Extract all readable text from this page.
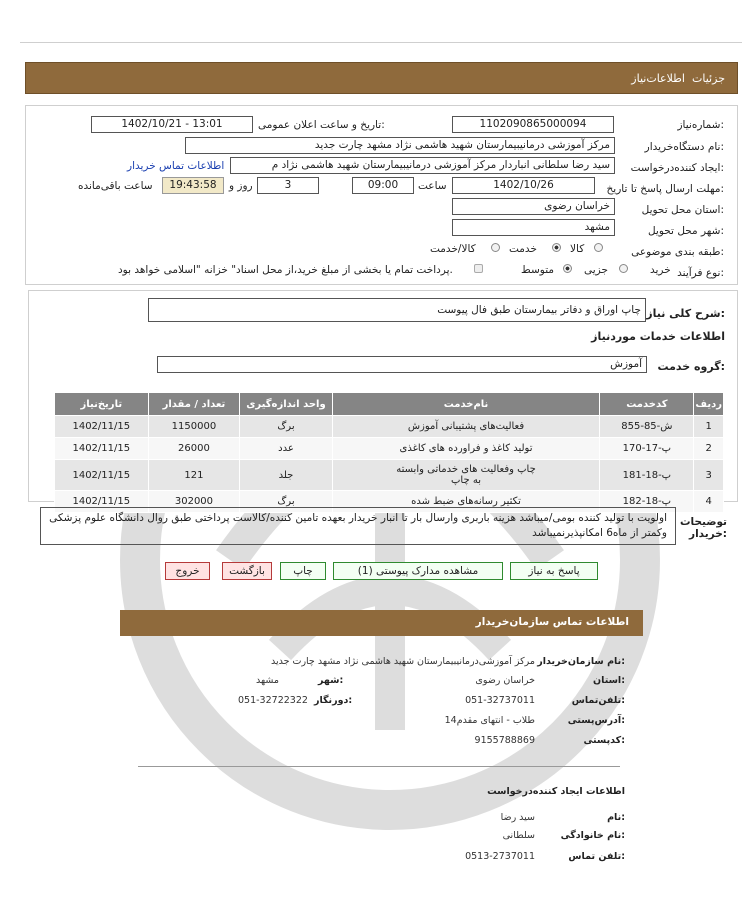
جزئیات
اطلاعات‌نیاز
شماره‌نیاز:
1102090865000094
تاریخ و ساعت اعلان عمومی:
1402/10/21 - 13:01
نام دستگاه‌خریدار:
مرکز آموزشی درمانیبیمارستان شهید هاشمی نژاد مشهد چارت جدید
ایجاد کننده‌درخواست:
سید رضا سلطانی انباردار مرکز آموزشی درمانیبیمارستان شهید هاشمی نژاد م
اطلاعات تماس خریدار
مهلت ارسال پاسخ تا تاریخ:
1402/10/26
ساعت
09:00
3
روز و
19:43:58
ساعت باقی‌مانده
استان محل تحویل:
خراسان رضوی
شهر محل تحویل:
مشهد
طبقه بندی موضوعی:
کالا
خدمت
کالا/خدمت
نوع فرآیند:
خرید
جزیی
متوسط
پرداخت تمام یا بخشی از مبلغ خرید،از محل اسناد" خزانه "اسلامی خواهد بود.
شرح کلی نیاز:
چاپ اوراق و دفاتر بیمارستان طبق فال پیوست
اطلاعات خدمات موردنیاز
گروه خدمت:
آموزش
تاریخ‌نیاز	تعداد / مقدار	واحد اندازه‌گیری	نام‌خدمت	کدخدمت	ردیف
1402/11/15	1150000	برگ	فعالیت‌های پشتیبانی آموزش	ش-85-855	1
1402/11/15	26000	عدد	تولید کاغذ و فراورده های کاغذی	پ-17-170	2
1402/11/15	121	جلد	چاپ وفعالیت های خدماتی وابسته به چاپ	پ-18-181	3
1402/11/15	302000	برگ	تکثیر رسانه‌های ضبط شده	پ-18-182	4
توضیحات خریدار:
اولویت با تولید کننده بومی/میباشد هزینه باربری وارسال بار تا انبار خریدار بعهده تامین کننده/کالاست پرداختی طبق روال دانشگاه علوم پزشکی وکمتر از ماه6 امکانپذیرنمیباشد
پاسخ به نیاز
مشاهده مدارک پیوستی (1)
چاپ
بازگشت
خروج
اطلاعات تماس سازمان‌خریدار
نام سازمان‌خریدار:
مرکز آموزشی‌درمانیبیمارستان شهید هاشمی نژاد مشهد چارت جدید
استان:
خراسان رضوی
شهر:
مشهد
تلفن‌تماس:
051-32737011
دورنگار:
051-32722322
آدرس‌پستی:
طلاب - انتهای مقدم14
کد‌پستی:
9155788869
اطلاعات ایجاد کننده‌درخواست
نام:
سید رضا
نام خانوادگی:
سلطانی
تلفن تماس:
0513-2737011
